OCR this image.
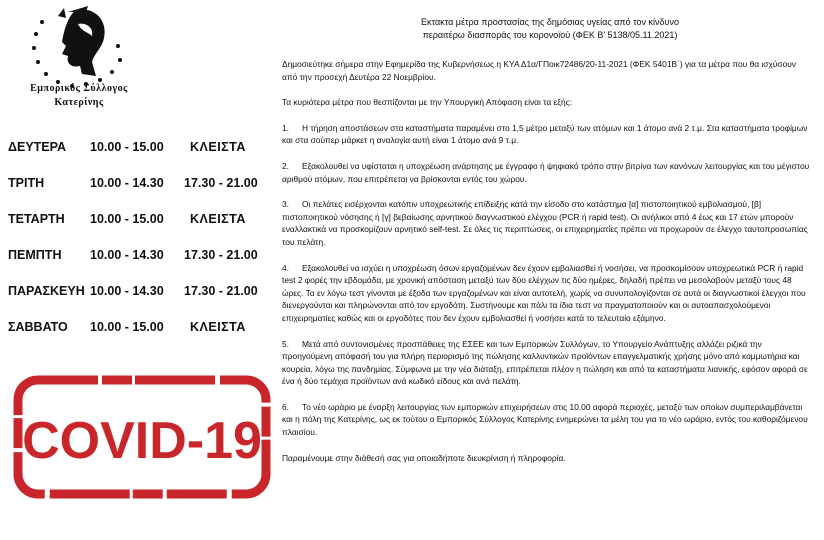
Εμπορικός Σύλλογος
Κατερίνης
ΔΕΥΤΕΡΑ 10.00 - 15.00 ΚΛΕΙΣΤΑ
ΤΡΙΤΗ	10.00 - 14.30 17.30 - 21.00
ΤΕΤΑΡΤΗ 10.00 - 15.00 ΚΛΕΙΣΤΑ
ΠΕΜΠΤΗ 10.00 - 14.30 17.30 - 21.00
ΠΑΡΑΣΚΕΥΗ 10.00 - 14.30 17.30 - 21.00
ΣΑΒΒΑΤΟ 10.00 - 15.00 ΚΛΕΙΣΤΑ
COVID-19
Εκτακτα μέτρα προστασίας της δημόσιας υγείας από τον κίνδυνο
περαιτέρω διασποράς του κορονοϊού (ΦΕΚ Β’ 5138/05.11.2021)

Δημοσιεύτηκε σήμερα στην Εφημερίδα της Κυβερνήσεως η ΚΥΑ Δ1α/ΓΠοικ72486/20-11-2021 (ΦΕΚ 5401Β΄) για τα μέτρα που θα ισχύσουν από την προσεχή Δευτέρα 22 Νοεμβρίου.

Τα κυριότερα μέτρα που θεσπίζονται με την Υπουργική Απόφαση είναι τα εξής:

1. Η τήρηση αποστάσεων στα καταστήματα παραμένει στο 1,5 μέτρο μεταξύ των ατόμων και 1 άτομο ανά 2 τ.μ. Στα καταστήματα τροφίμων και στα σούπερ μάρκετ η αναλογία αυτή είναι 1 άτομο ανά 9 τ.μ.

2. Εξακολουθεί να υφίσταται η υποχρέωση ανάρτησης με έγγραφο ή ψηφιακό τρόπο στην βιτρίνα των κανόνων λειτουργίας και του μέγιστου αριθμού ατόμων, που επιτρέπεται να βρίσκονται εντός του χώρου.

3. Οι πελάτες εισέρχονται κατόπιν υποχρεωτικής επίδειξης κατά την είσοδο στο κατάστημα [α] πιστοποιητικού εμβολιασμού, [β] πιστοποιητικού νόσησης ή [γ] βεβαίωσης αρνητικού διαγνωστικού ελέγχου (PCR ή rapid test). Οι ανήλικοι από 4 έως και 17 ετών μπορούν εναλλακτικά να προσκομίζουν αρνητικό self-test. Σε όλες τις περιπτώσεις, οι επιχειρηματίες πρέπει να προχωρούν σε έλεγχο ταυτοπροσωπίας του πελάτη.

4. Εξακολουθεί να ισχύει η υποχρέωση όσων εργαζομένων δεν έχουν εμβολιασθεί ή νοσήσει, να προσκομίσουν υποχρεωτικά PCR ή rapid test 2 φορές την εβδομάδα, με χρονική απόσταση μεταξύ των δύο ελέγχων τις δύο ημέρες, δηλαδή πρέπει να μεσολαβούν μεταξύ τους 48 ώρες. Τα εν λόγω τεστ γίνονται με έξοδα των εργαζομένων και είναι αυτοτελή, χωρίς να συνυπολογίζονται σε αυτά οι διαγνωστικοί έλεγχοι που διενεργούνται και πληρώνονται από τον εργοδότη. Συστήνουμε και πάλι τα ίδια τεστ να πραγματοποιούν και οι αυτοαπασχολούμενοι επιχειρηματίες καθώς και οι εργοδότες που δεν έχουν εμβολιασθεί ή νοσήσει κατά το τελευταίο εξάμηνο.

5. Μετά από συντονισμένες προσπάθειες της ΕΣΕΕ και των Εμπορικών Συλλόγων, το Υπουργείο Ανάπτυξης αλλάζει ριζικά την προηγούμενη απόφασή του για πλήρη περιορισμό της πώλησης καλλυντικών προϊόντων επαγγελματικής χρήσης μόνο από κομμωτήρια και κουρεία, λόγω της πανδημίας. Σύμφωνα με την νέα διάταξη, επιτρέπεται πλέον η πώληση και από τα καταστήματα λιανικής, εφόσον αφορά σε ένα ή δύο τεμάχια προϊόντων ανά κωδικό είδους και ανά πελάτη.

6. Το νέο ωράριο με έναρξη λειτουργίας των εμπορικών επιχειρήσεων στις 10.00 αφορά περιοχές, μεταξύ των οποίων συμπεριλαμβάνεται και η πόλη της Κατερίνης, ως εκ τούτου ο Εμπορικός Σύλλογος Κατερίνης ενημερώνει τα μέλη του για το νέο ωράριο, εντός του καθοριζόμενου πλαισίου.

Παραμένουμε στην διάθεσή σας για οποιαδήποτε διευκρίνιση ή πληροφορία.
